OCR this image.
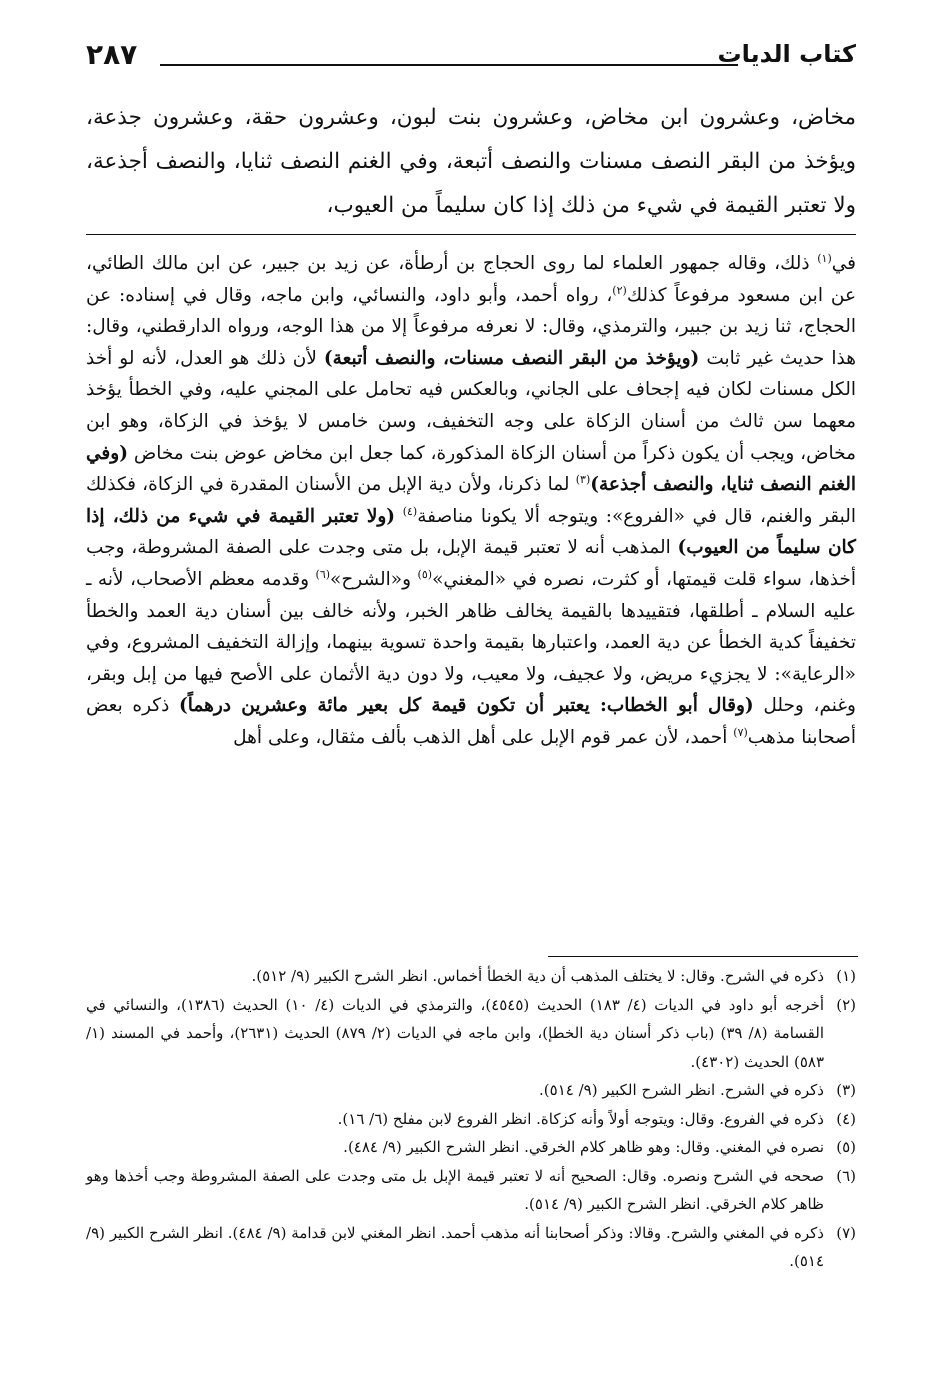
٢٨٧	كتاب الديات

مخاض، وعشرون ابن مخاض، وعشرون بنت لبون، وعشرون حقة، وعشرون جذعة، ويؤخذ من البقر النصف مسنات والنصف أتبعة، وفي الغنم النصف ثنايا، والنصف أجذعة، ولا تعتبر القيمة في شيء من ذلك إذا كان سليماً من العيوب،

في$^{(١)}$ ذلك، وقاله جمهور العلماء لما روى الحجاج بن أرطأة، عن زيد بن جبير، عن ابن مالك الطائي، عن ابن مسعود مرفوعاً كذلك$^{(٢)}$، رواه أحمد، وأبو داود، والنسائي، وابن ماجه، وقال في إسناده: عن الحجاج، ثنا زيد بن جبير، والترمذي، وقال: لا نعرفه مرفوعاً إلا من هذا الوجه، ورواه الدارقطني، وقال: هذا حديث غير ثابت (ويؤخذ من البقر النصف مسنات، والنصف أتبعة) لأن ذلك هو العدل، لأنه لو أخذ الكل مسنات لكان فيه إجحاف على الجاني، وبالعكس فيه تحامل على المجني عليه، وفي الخطأ يؤخذ معهما سن ثالث من أسنان الزكاة على وجه التخفيف، وسن خامس لا يؤخذ في الزكاة، وهو ابن مخاض، ويجب أن يكون ذكراً من أسنان الزكاة المذكورة، كما جعل ابن مخاض عوض بنت مخاض (وفي الغنم النصف ثنايا، والنصف أجذعة)$^{(٣)}$ لما ذكرنا، ولأن دية الإبل من الأسنان المقدرة في الزكاة، فكذلك البقر والغنم، قال في «الفروع»: ويتوجه ألا يكونا مناصفة$^{(٤)}$ (ولا تعتبر القيمة في شيء من ذلك، إذا كان سليماً من العيوب) المذهب أنه لا تعتبر قيمة الإبل، بل متى وجدت على الصفة المشروطة، وجب أخذها، سواء قلت قيمتها، أو كثرت، نصره في «المغني»$^{(٥)}$ و«الشرح»$^{(٦)}$ وقدمه معظم الأصحاب، لأنه ـ عليه السلام ـ أطلقها، فتقييدها بالقيمة يخالف ظاهر الخبر، ولأنه خالف بين أسنان دية العمد والخطأ تخفيفاً كدية الخطأ عن دية العمد، واعتبارها بقيمة واحدة تسوية بينهما، وإزالة التخفيف المشروع، وفي «الرعاية»: لا يجزيء مريض، ولا عجيف، ولا معيب، ولا دون دية الأثمان على الأصح فيها من إبل وبقر، وغنم، وحلل (وقال أبو الخطاب: يعتبر أن تكون قيمة كل بعير مائة وعشرين درهماً) ذكره بعض أصحابنا مذهب$^{(٧)}$ أحمد، لأن عمر قوم الإبل على أهل الذهب بألف مثقال، وعلى أهل

(١)
ذكره في الشرح. وقال: لا يختلف المذهب أن دية الخطأ أخماس. انظر الشرح الكبير (٩/ ٥١٢).
(٢)
أخرجه أبو داود في الديات (٤/ ١٨٣) الحديث (٤٥٤٥)، والترمذي في الديات (٤/ ١٠) الحديث (١٣٨٦)، والنسائي في القسامة (٨/ ٣٩) (باب ذكر أسنان دية الخطإ)، وابن ماجه في الديات (٢/ ٨٧٩) الحديث (٢٦٣١)، وأحمد في المسند (١/ ٥٨٣) الحديث (٤٣٠٢).
(٣)
ذكره في الشرح. انظر الشرح الكبير (٩/ ٥١٤).
(٤)
ذكره في الفروع. وقال: ويتوجه أولاً وأنه كزكاة. انظر الفروع لابن مفلح (٦/ ١٦).
(٥)
نصره في المغني. وقال: وهو ظاهر كلام الخرقي. انظر الشرح الكبير (٩/ ٤٨٤).
(٦)
صححه في الشرح ونصره. وقال: الصحيح أنه لا تعتبر قيمة الإبل بل متى وجدت على الصفة المشروطة وجب أخذها وهو ظاهر كلام الخرقي. انظر الشرح الكبير (٩/ ٥١٤).
(٧)
ذكره في المغني والشرح. وقالا: وذكر أصحابنا أنه مذهب أحمد. انظر المغني لابن قدامة (٩/ ٤٨٤). انظر الشرح الكبير (٩/ ٥١٤).
